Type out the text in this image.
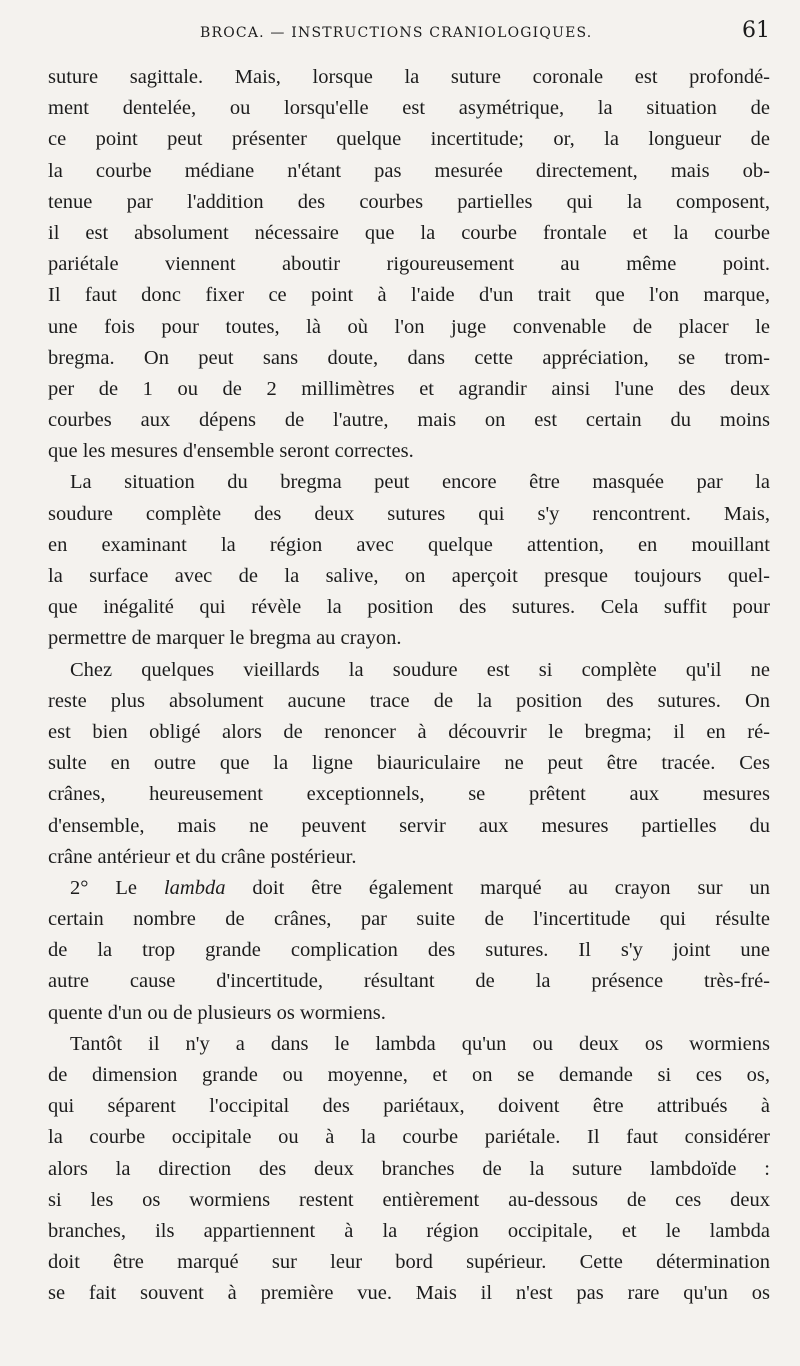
BROCA. — INSTRUCTIONS CRANIOLOGIQUES.	61
suture sagittale. Mais, lorsque la suture coronale est profondé-
ment dentelée, ou lorsqu'elle est asymétrique, la situation de
ce point peut présenter quelque incertitude; or, la longueur de
la courbe médiane n'étant pas mesurée directement, mais ob-
tenue par l'addition des courbes partielles qui la composent,
il est absolument nécessaire que la courbe frontale et la courbe
pariétale viennent aboutir rigoureusement au même point.
Il faut donc fixer ce point à l'aide d'un trait que l'on marque,
une fois pour toutes, là où l'on juge convenable de placer le
bregma. On peut sans doute, dans cette appréciation, se trom-
per de 1 ou de 2 millimètres et agrandir ainsi l'une des deux
courbes aux dépens de l'autre, mais on est certain du moins
que les mesures d'ensemble seront correctes.
La situation du bregma peut encore être masquée par la
soudure complète des deux sutures qui s'y rencontrent. Mais,
en examinant la région avec quelque attention, en mouillant
la surface avec de la salive, on aperçoit presque toujours quel-
que inégalité qui révèle la position des sutures. Cela suffit pour
permettre de marquer le bregma au crayon.
Chez quelques vieillards la soudure est si complète qu'il ne
reste plus absolument aucune trace de la position des sutures. On
est bien obligé alors de renoncer à découvrir le bregma; il en ré-
sulte en outre que la ligne biauriculaire ne peut être tracée. Ces
crânes, heureusement exceptionnels, se prêtent aux mesures
d'ensemble, mais ne peuvent servir aux mesures partielles du
crâne antérieur et du crâne postérieur.
2° Le lambda doit être également marqué au crayon sur un
certain nombre de crânes, par suite de l'incertitude qui résulte
de la trop grande complication des sutures. Il s'y joint une
autre cause d'incertitude, résultant de la présence très-fré-
quente d'un ou de plusieurs os wormiens.
Tantôt il n'y a dans le lambda qu'un ou deux os wormiens
de dimension grande ou moyenne, et on se demande si ces os,
qui séparent l'occipital des pariétaux, doivent être attribués à
la courbe occipitale ou à la courbe pariétale. Il faut considérer
alors la direction des deux branches de la suture lambdoïde :
si les os wormiens restent entièrement au-dessous de ces deux
branches, ils appartiennent à la région occipitale, et le lambda
doit être marqué sur leur bord supérieur. Cette détermination
se fait souvent à première vue. Mais il n'est pas rare qu'un os
